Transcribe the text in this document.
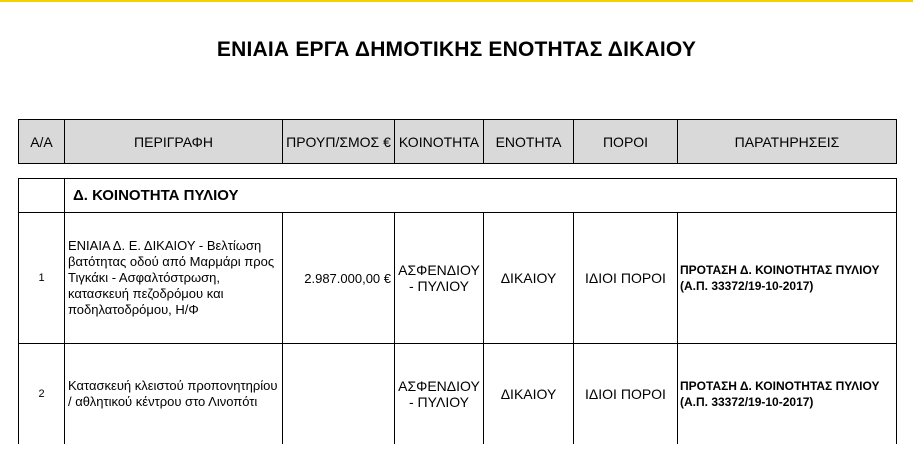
ΕΝΙΑΙΑ ΕΡΓΑ ΔΗΜΟΤΙΚΗΣ ΕΝΟΤΗΤΑΣ ΔΙΚΑΙΟΥ
Α/Α	ΠΕΡΙΓΡΑΦΗ	ΠΡΟΥΠ/ΣΜΟΣ €	ΚΟΙΝΟΤΗΤΑ	ΕΝΟΤΗΤΑ	ΠΟΡΟΙ	ΠΑΡΑΤΗΡΗΣΕΙΣ
	Δ. ΚΟΙΝΟΤΗΤΑ ΠΥΛΙΟΥ					
1	ΕΝΙΑΙΑ Δ. Ε. ΔΙΚΑΙΟΥ - Βελτίωση βατότητας οδού από Μαρμάρι προς Τιγκάκι - Ασφαλτόστρωση, κατασκευή πεζοδρόμου και ποδηλατοδρόμου, Η/Φ	2.987.000,00 €	ΑΣΦΕΝΔΙΟΥ - ΠΥΛΙΟΥ	ΔΙΚΑΙΟΥ	ΙΔΙΟΙ ΠΟΡΟΙ	ΠΡΟΤΑΣΗ Δ. ΚΟΙΝΟΤΗΤΑΣ ΠΥΛΙΟΥ (Α.Π. 33372/19-10-2017)
2	Κατασκευή κλειστού προπονητηρίου / αθλητικού κέντρου στο Λινοπότι		ΑΣΦΕΝΔΙΟΥ - ΠΥΛΙΟΥ	ΔΙΚΑΙΟΥ	ΙΔΙΟΙ ΠΟΡΟΙ	ΠΡΟΤΑΣΗ Δ. ΚΟΙΝΟΤΗΤΑΣ ΠΥΛΙΟΥ (Α.Π. 33372/19-10-2017)
